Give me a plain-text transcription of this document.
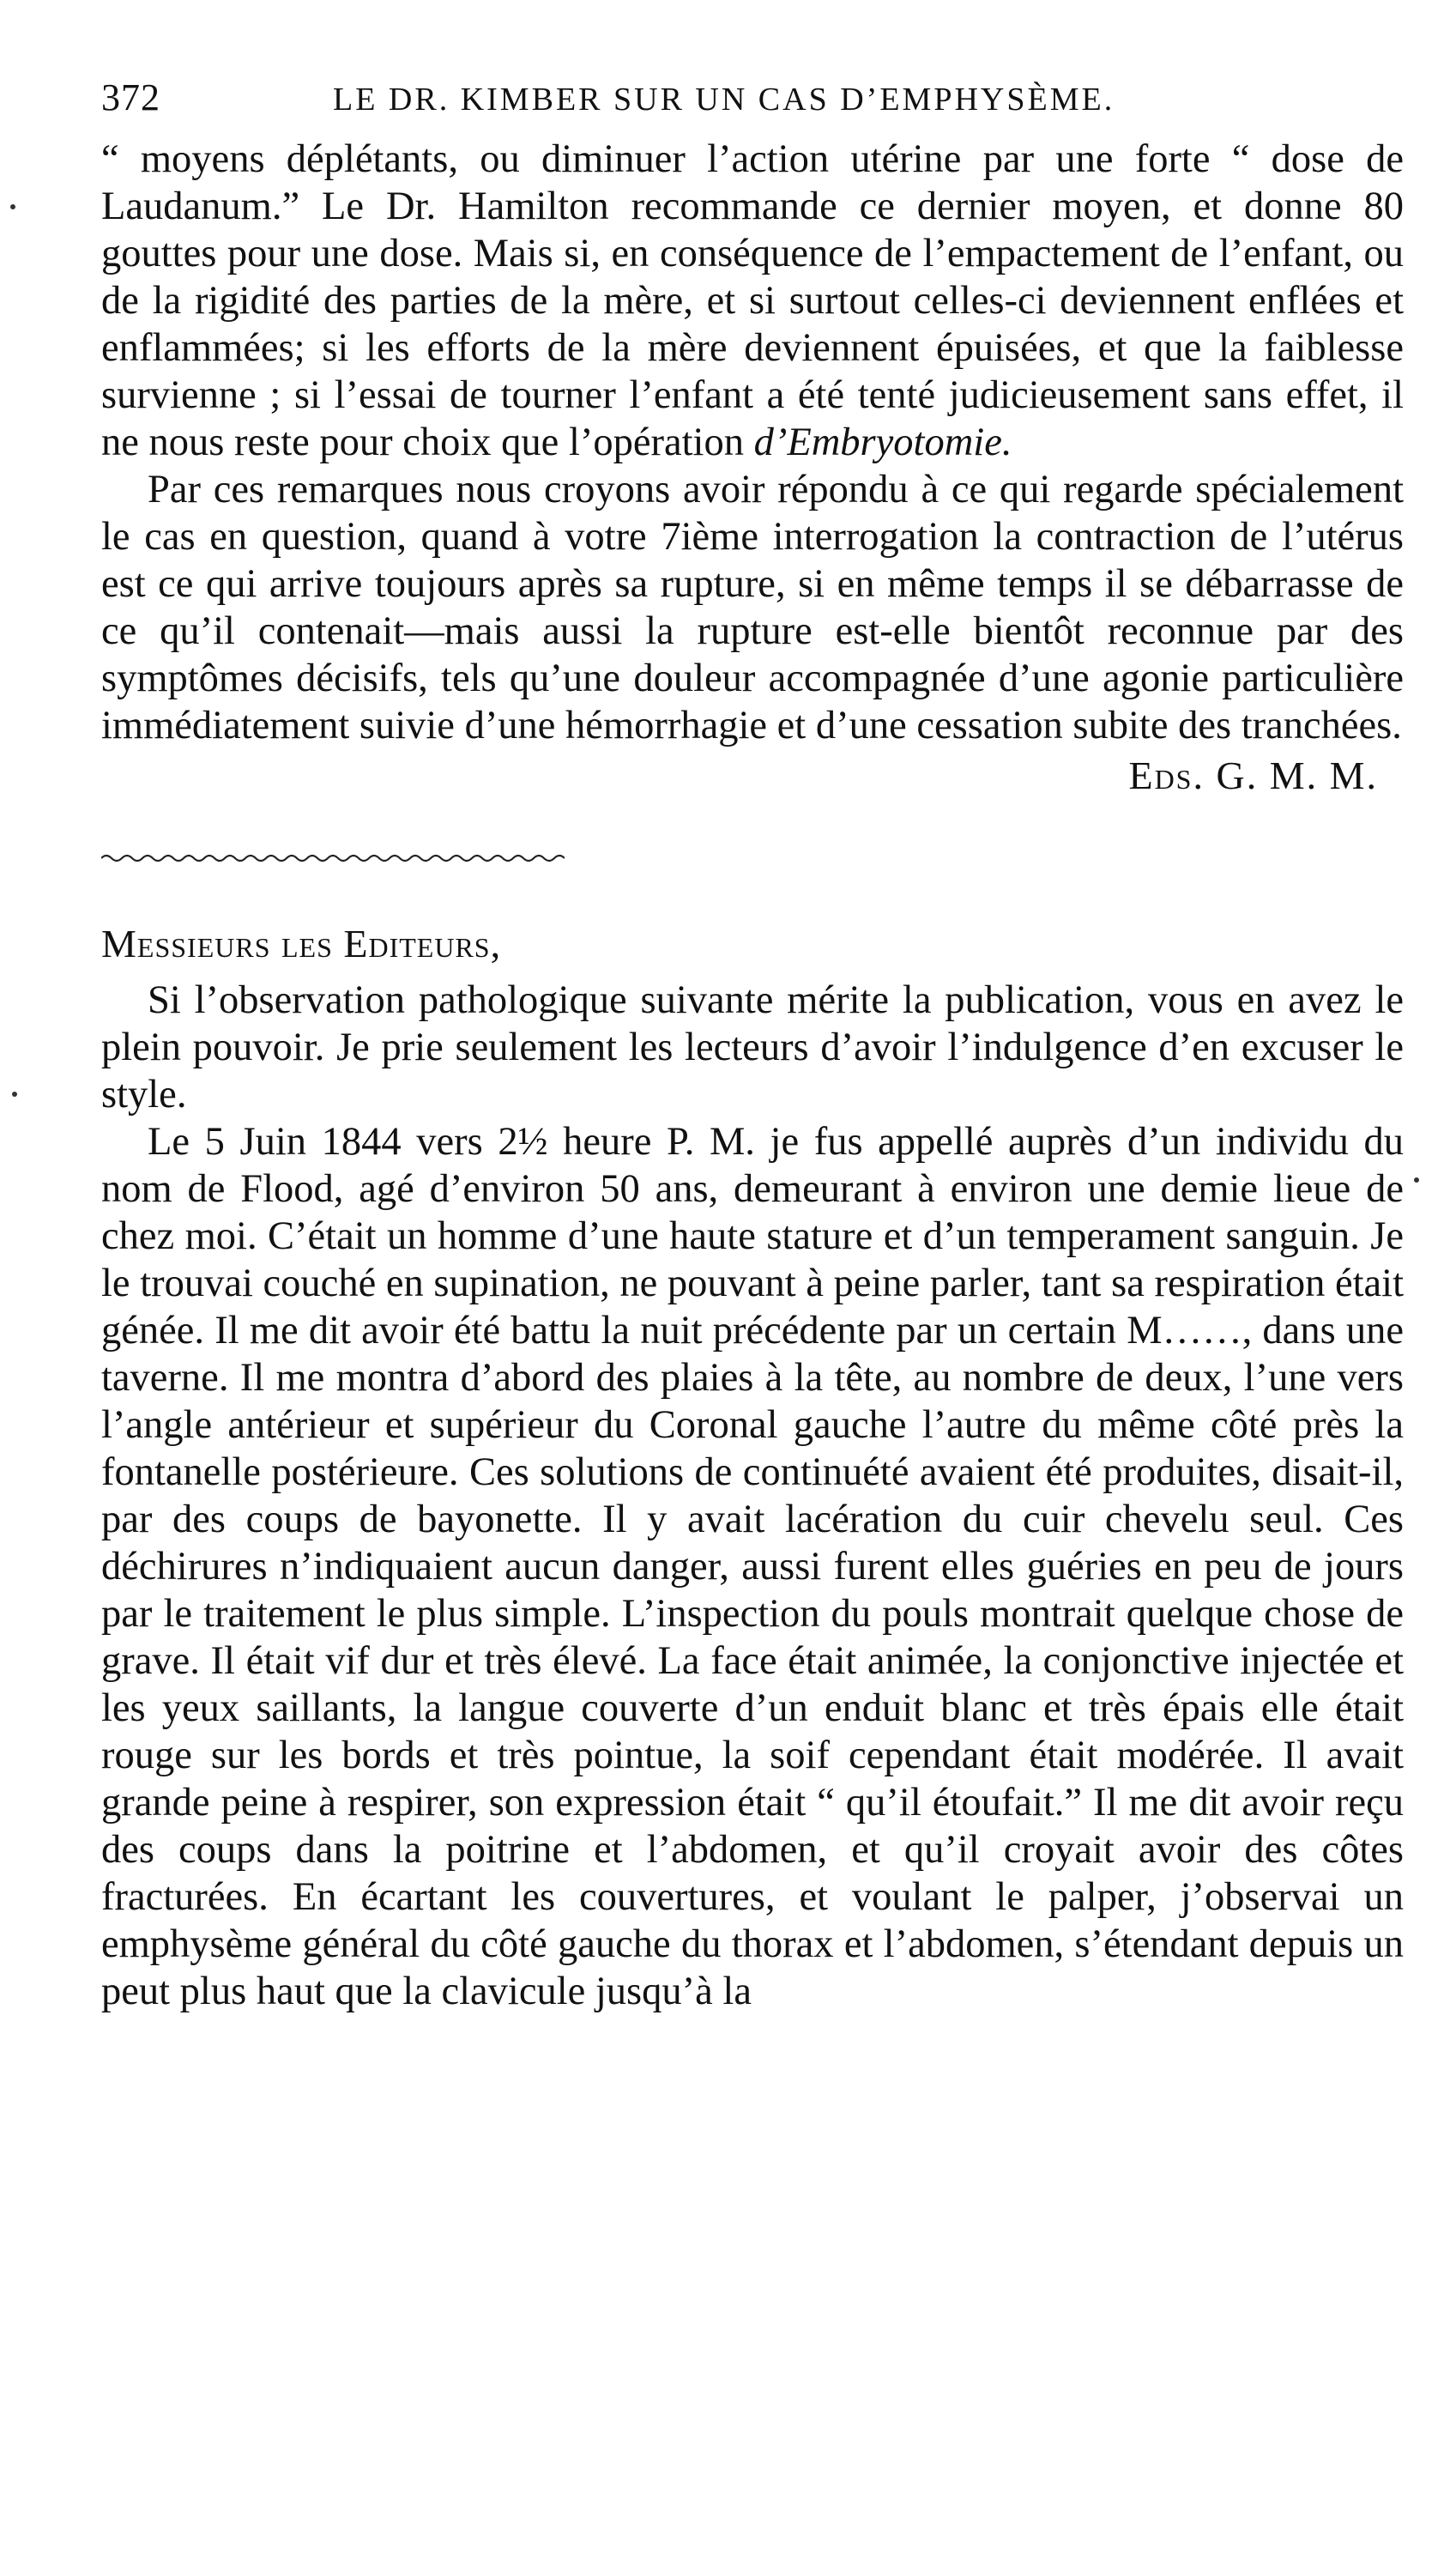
372	LE DR. KIMBER SUR UN CAS D’EMPHYSÈME.

“ moyens déplétants, ou diminuer l’action utérine par une forte “ dose de Laudanum.” Le Dr. Hamilton recommande ce dernier moyen, et donne 80 gouttes pour une dose. Mais si, en conséquence de l’empactement de l’enfant, ou de la rigidité des parties de la mère, et si surtout celles-ci deviennent enflées et enflammées; si les efforts de la mère deviennent épuisées, et que la faiblesse survienne ; si l’essai de tourner l’enfant a été tenté judicieusement sans effet, il ne nous reste pour choix que l’opération d’Embryotomie.

Par ces remarques nous croyons avoir répondu à ce qui regarde spécialement le cas en question, quand à votre 7ième interrogation la contraction de l’utérus est ce qui arrive toujours après sa rupture, si en même temps il se débarrasse de ce qu’il contenait—mais aussi la rupture est-elle bientôt reconnue par des symptômes décisifs, tels qu’une douleur accompagnée d’une agonie particulière immédiatement suivie d’une hémorrhagie et d’une cessation subite des tranchées.

Eds. G. M. M.
Messieurs les Editeurs,

Si l’observation pathologique suivante mérite la publication, vous en avez le plein pouvoir. Je prie seulement les lecteurs d’avoir l’indulgence d’en excuser le style.

Le 5 Juin 1844 vers 2½ heure P. M. je fus appellé auprès d’un individu du nom de Flood, agé d’environ 50 ans, demeurant à environ une demie lieue de chez moi. C’était un homme d’une haute stature et d’un temperament sanguin. Je le trouvai couché en supination, ne pouvant à peine parler, tant sa respiration était génée. Il me dit avoir été battu la nuit précédente par un certain M……, dans une taverne. Il me montra d’abord des plaies à la tête, au nombre de deux, l’une vers l’angle antérieur et supérieur du Coronal gauche l’autre du même côté près la fontanelle postérieure. Ces solutions de continuété avaient été produites, disait-il, par des coups de bayonette. Il y avait lacération du cuir chevelu seul. Ces déchirures n’indiquaient aucun danger, aussi furent elles guéries en peu de jours par le traitement le plus simple. L’inspection du pouls montrait quelque chose de grave. Il était vif dur et très élevé. La face était animée, la conjonctive injectée et les yeux saillants, la langue couverte d’un enduit blanc et très épais elle était rouge sur les bords et très pointue, la soif cependant était modérée. Il avait grande peine à respirer, son expression était “ qu’il étoufait.” Il me dit avoir reçu des coups dans la poitrine et l’abdomen, et qu’il croyait avoir des côtes fracturées. En écartant les couvertures, et voulant le palper, j’observai un emphysème général du côté gauche du thorax et l’abdomen, s’étendant depuis un peut plus haut que la clavicule jusqu’à la
